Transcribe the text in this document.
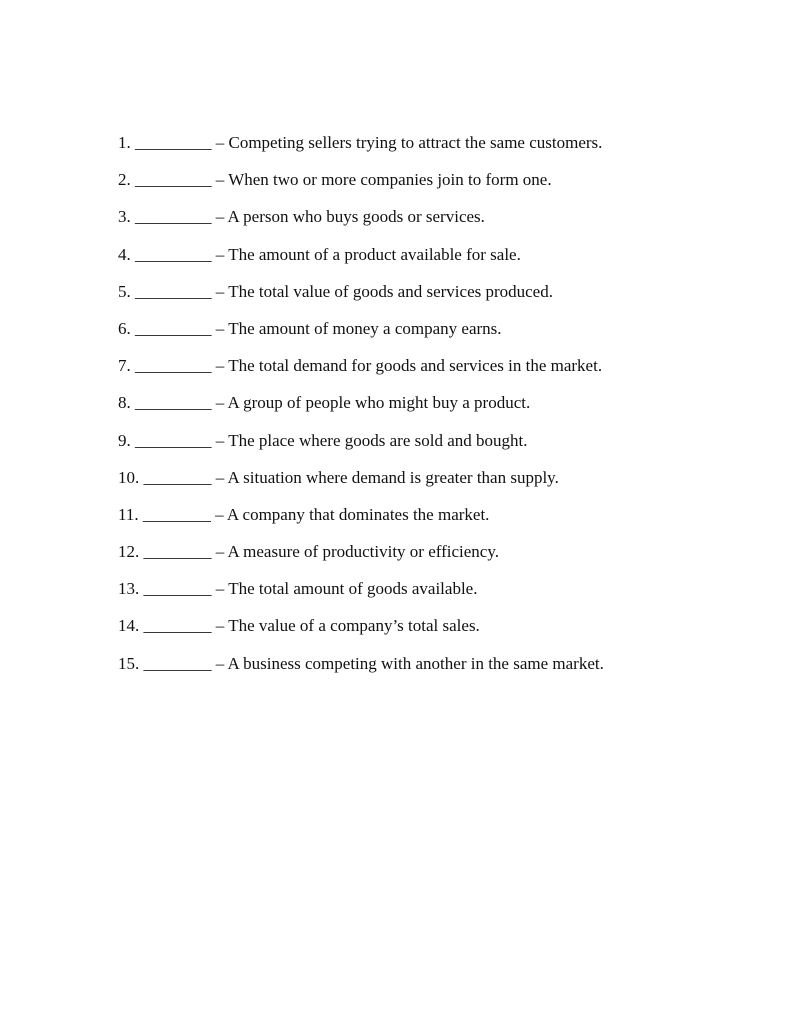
1. _________ – Competing sellers trying to attract the same customers.
2. _________ – When two or more companies join to form one.
3. _________ – A person who buys goods or services.
4. _________ – The amount of a product available for sale.
5. _________ – The total value of goods and services produced.
6. _________ – The amount of money a company earns.
7. _________ – The total demand for goods and services in the market.
8. _________ – A group of people who might buy a product.
9. _________ – The place where goods are sold and bought.
10. ________ – A situation where demand is greater than supply.
11. ________ – A company that dominates the market.
12. ________ – A measure of productivity or efficiency.
13. ________ – The total amount of goods available.
14. ________ – The value of a company’s total sales.
15. ________ – A business competing with another in the same market.
